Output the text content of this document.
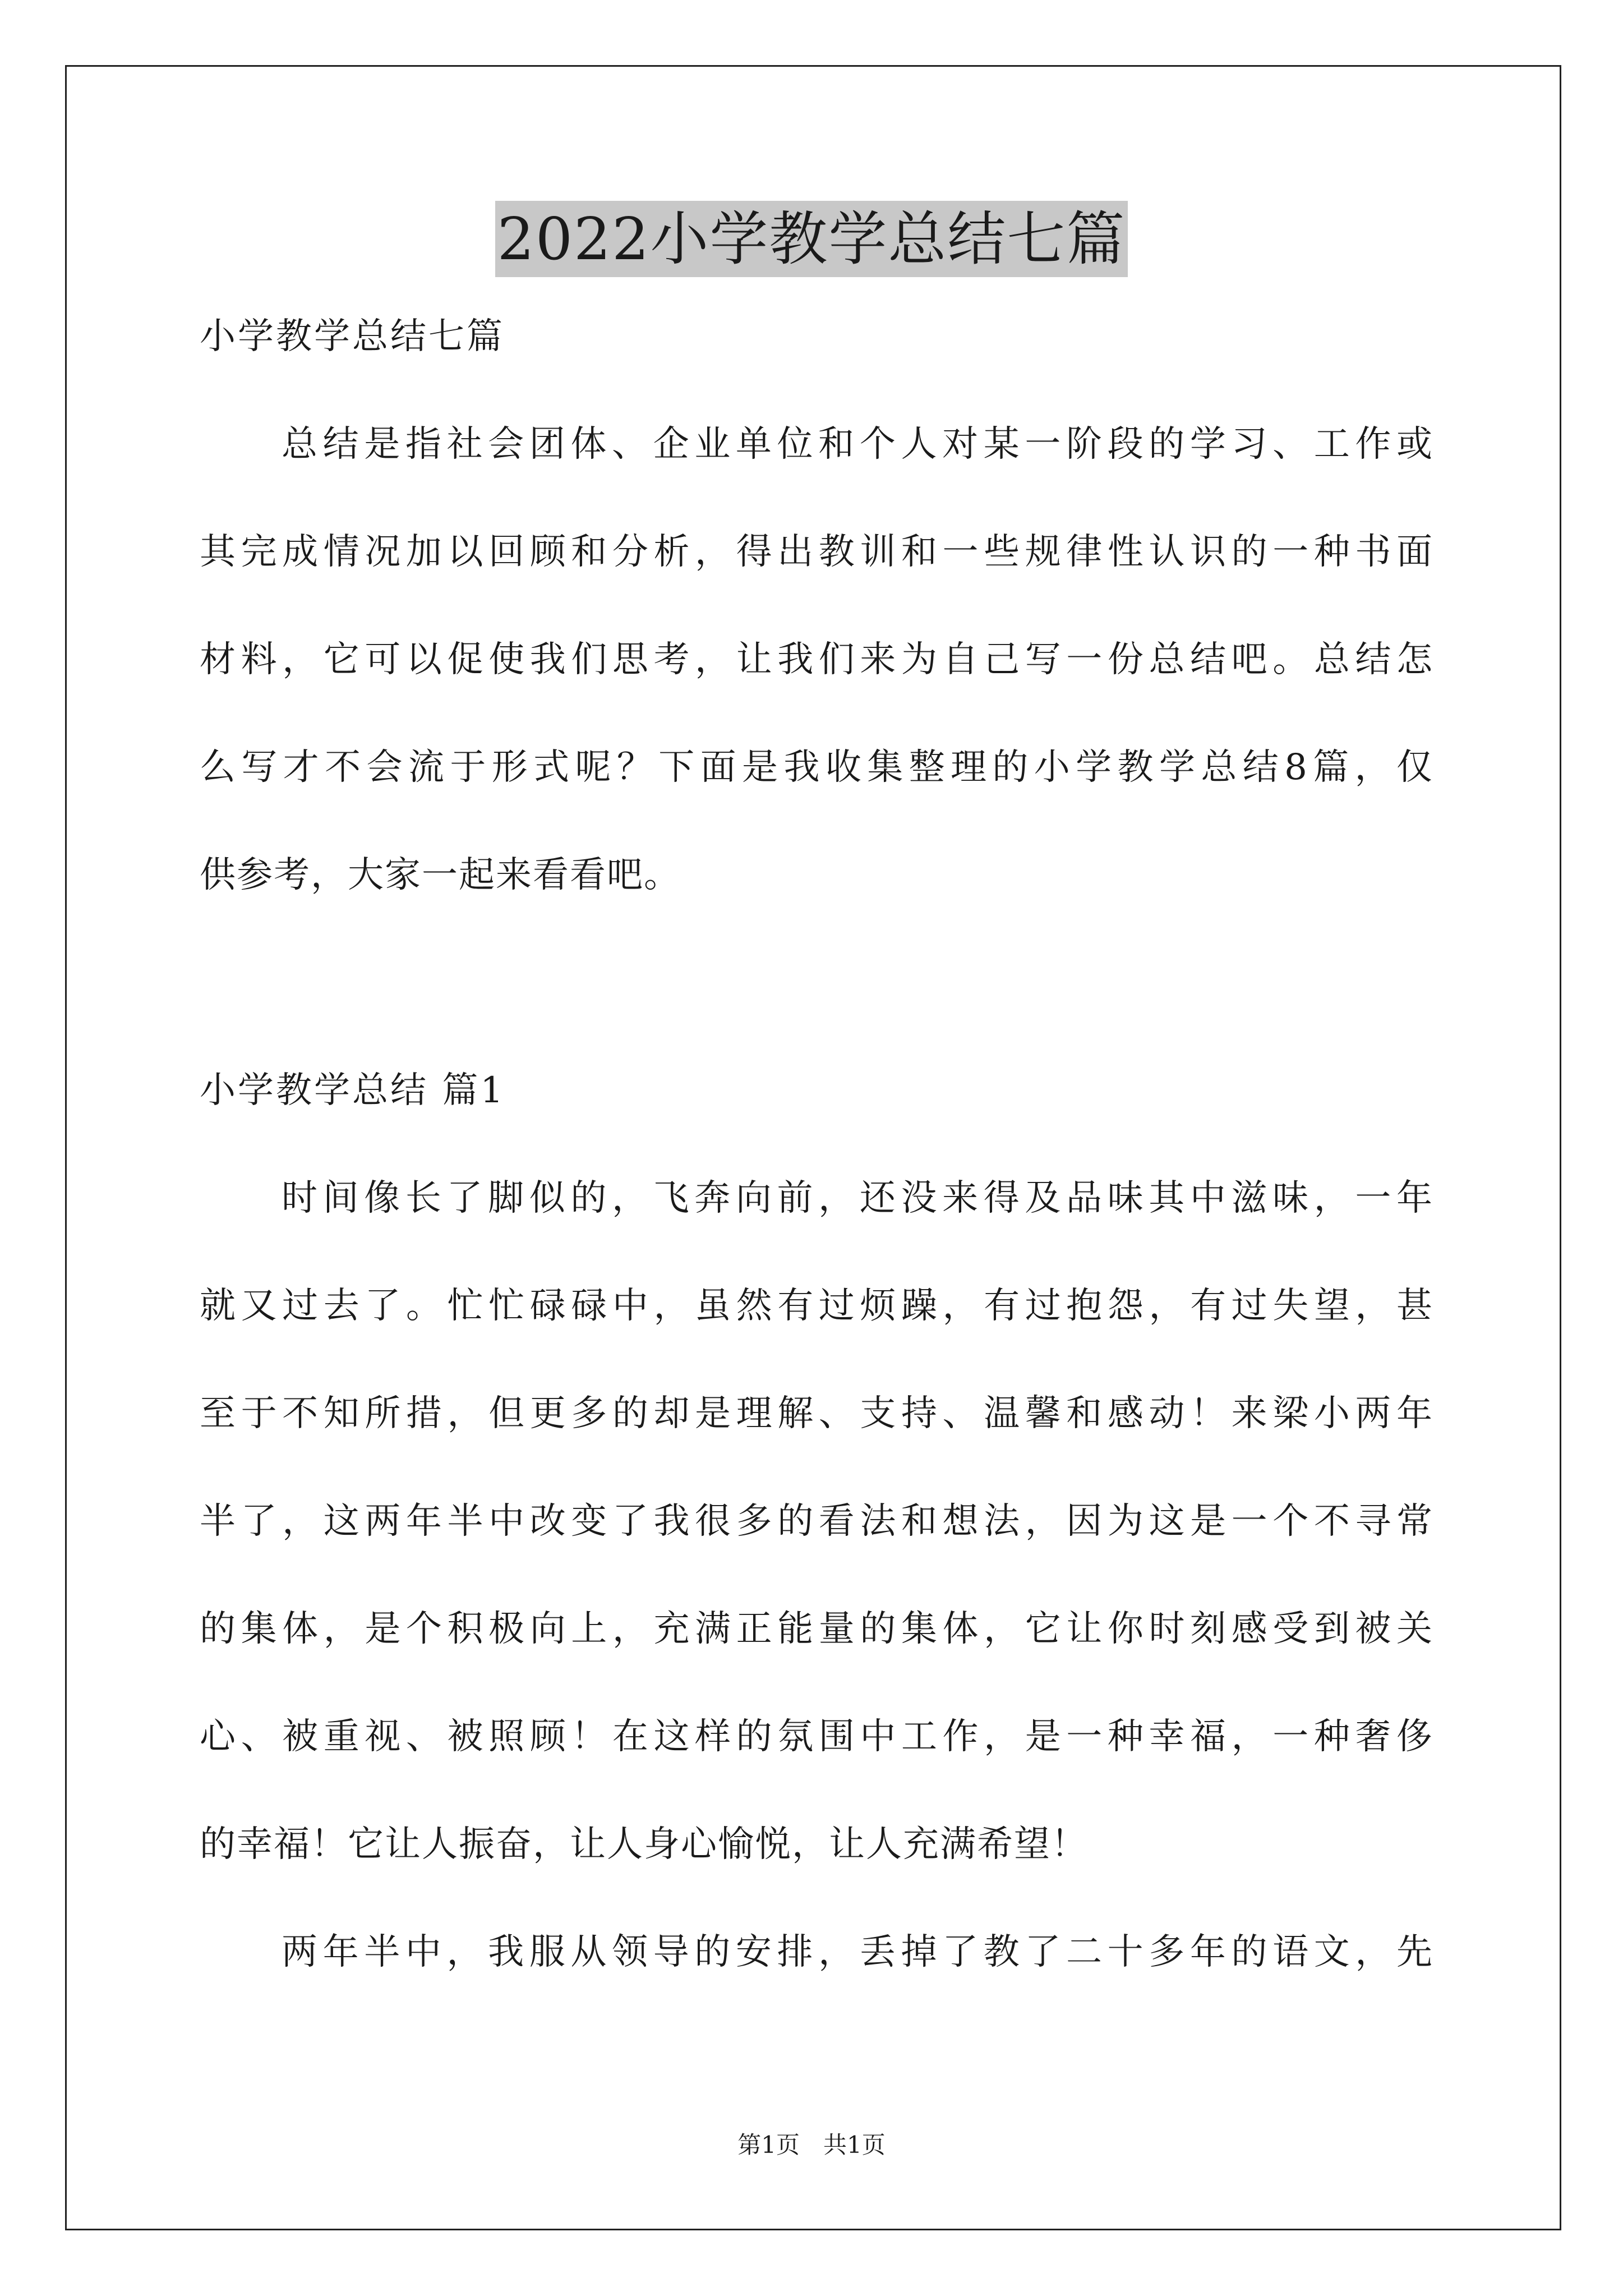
2022小学教学总结七篇

小学教学总结七篇

总结是指社会团体、企业单位和个人对某一阶段的学习、工作或
其完成情况加以回顾和分析，得出教训和一些规律性认识的一种书面
材料，它可以促使我们思考，让我们来为自己写一份总结吧。总结怎
么写才不会流于形式呢？下面是我收集整理的小学教学总结8篇，仅
供参考，大家一起来看看吧。

小学教学总结 篇1

时间像长了脚似的，飞奔向前，还没来得及品味其中滋味，一年
就又过去了。忙忙碌碌中，虽然有过烦躁，有过抱怨，有过失望，甚
至于不知所措，但更多的却是理解、支持、温馨和感动！来梁小两年
半了，这两年半中改变了我很多的看法和想法，因为这是一个不寻常
的集体，是个积极向上，充满正能量的集体，它让你时刻感受到被关
心、被重视、被照顾！在这样的氛围中工作，是一种幸福，一种奢侈
的幸福！它让人振奋，让人身心愉悦，让人充满希望！
两年半中，我服从领导的安排，丢掉了教了二十多年的语文，先
第1页　共1页
